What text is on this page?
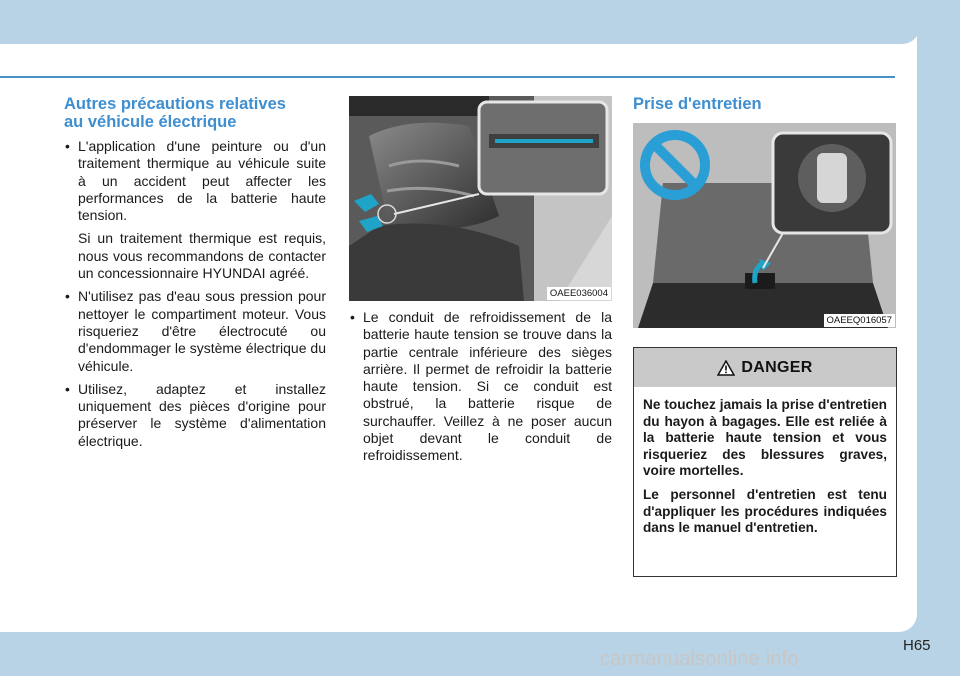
Autres précautions relatives
au véhicule électrique
• L'application d'une peinture ou d'un traitement thermique au véhicule suite à un accident peut affecter les performances de la batterie haute tension.
Si un traitement thermique est requis, nous vous recommandons de contacter un concessionnaire HYUNDAI agréé.
• N'utilisez pas d'eau sous pression pour nettoyer le compartiment moteur. Vous risqueriez d'être électrocuté ou d'endommager le système électrique du véhicule.
• Utilisez, adaptez et installez uniquement des pièces d'origine pour préserver le système d'alimentation électrique.
OAEE036004
• Le conduit de refroidissement de la batterie haute tension se trouve dans la partie centrale inférieure des sièges arrière. Il permet de refroidir la batterie haute tension. Si ce conduit est obstrué, la batterie risque de surchauffer. Veillez à ne poser aucun objet devant le conduit de refroidissement.
Prise d'entretien
OAEEQ016057
DANGER

Ne touchez jamais la prise d'entretien du hayon à bagages. Elle est reliée à la batterie haute tension et vous risqueriez des blessures graves, voire mortelles.

Le personnel d'entretien est tenu d'appliquer les procédures indiquées dans le manuel d'entretien.

H65
carmanualsonline.info
